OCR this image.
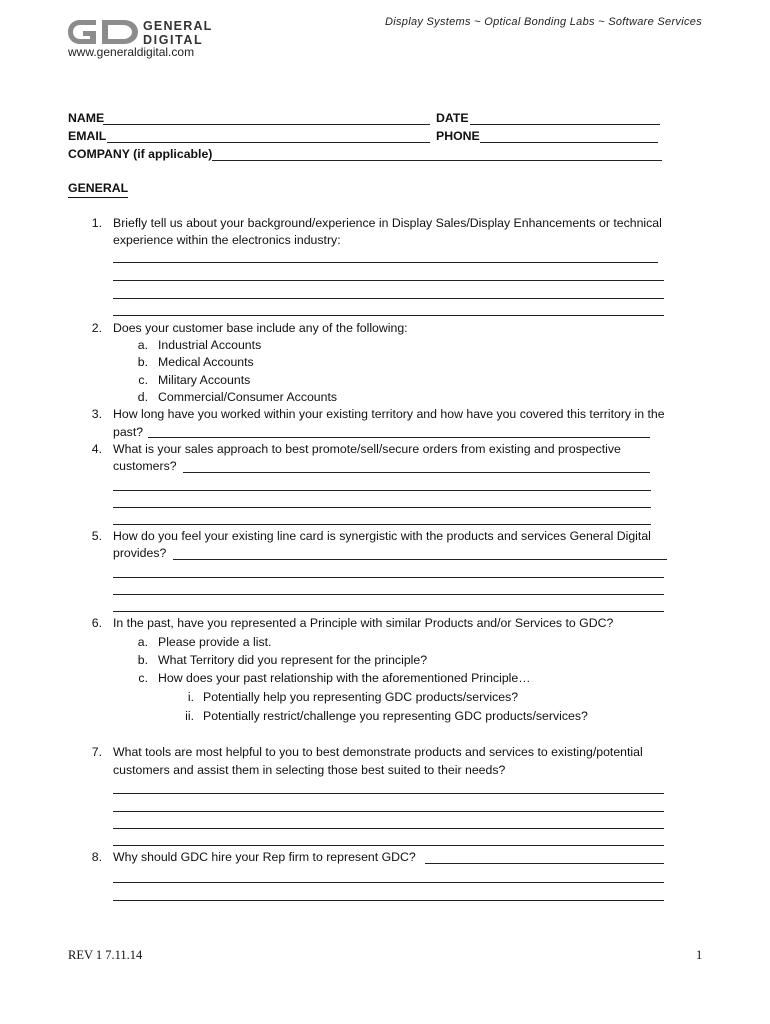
GENERAL
DIGITAL
Display Systems ~ Optical Bonding Labs ~ Software Services
www.generaldigital.com
NAME	DATE
EMAIL	PHONE
COMPANY (if applicable)
GENERAL
1. Briefly tell us about your background/experience in Display Sales/Display Enhancements or technical
experience within the electronics industry:
2. Does your customer base include any of the following:
a. Industrial Accounts
b. Medical Accounts
c. Military Accounts
d. Commercial/Consumer Accounts
3. How long have you worked within your existing territory and how have you covered this territory in the
past?
4. What is your sales approach to best promote/sell/secure orders from existing and prospective
customers?
5. How do you feel your existing line card is synergistic with the products and services General Digital
provides?
6. In the past, have you represented a Principle with similar Products and/or Services to GDC?
a. Please provide a list.
b. What Territory did you represent for the principle?
c. How does your past relationship with the aforementioned Principle…
i. Potentially help you representing GDC products/services?
ii. Potentially restrict/challenge you representing GDC products/services?
7. What tools are most helpful to you to best demonstrate products and services to existing/potential
customers and assist them in selecting those best suited to their needs?
8. Why should GDC hire your Rep firm to represent GDC?
REV 1 7.11.14	1
